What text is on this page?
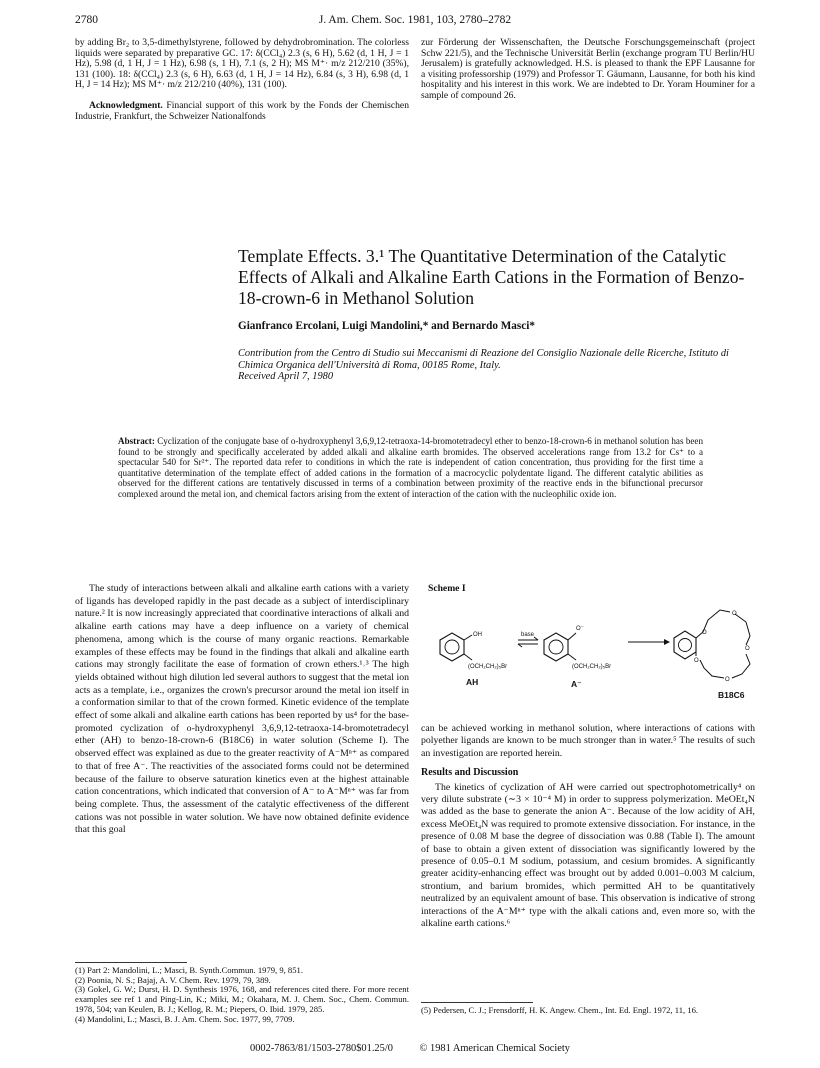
2780	J. Am. Chem. Soc. 1981, 103, 2780–2782

by adding Br₂ to 3,5-dimethylstyrene, followed by dehydrobromination. The colorless liquids were separated by preparative GC. 17: δ(CCl₄) 2.3 (s, 6 H), 5.62 (d, 1 H, J = 1 Hz), 5.98 (d, 1 H, J = 1 Hz), 6.98 (s, 1 H), 7.1 (s, 2 H); MS M⁺· m/z 212/210 (35%), 131 (100). 18: δ(CCl₄) 2.3 (s, 6 H), 6.63 (d, 1 H, J = 14 Hz), 6.84 (s, 3 H), 6.98 (d, 1 H, J = 14 Hz); MS M⁺· m/z 212/210 (40%), 131 (100).

Acknowledgment. Financial support of this work by the Fonds der Chemischen Industrie, Frankfurt, the Schweizer Nationalfonds

zur Förderung der Wissenschaften, the Deutsche Forschungsgemeinschaft (project Schw 221/5), and the Technische Universität Berlin (exchange program TU Berlin/HU Jerusalem) is gratefully acknowledged. H.S. is pleased to thank the EPF Lausanne for a visiting professorship (1979) and Professor T. Gäumann, Lausanne, for both his kind hospitality and his interest in this work. We are indebted to Dr. Yoram Houminer for a sample of compound 26.

Template Effects. 3.¹ The Quantitative Determination of the Catalytic Effects of Alkali and Alkaline Earth Cations in the Formation of Benzo-18-crown-6 in Methanol Solution
Gianfranco Ercolani, Luigi Mandolini,* and Bernardo Masci*
Contribution from the Centro di Studio sui Meccanismi di Reazione del Consiglio Nazionale delle Ricerche, Istituto di Chimica Organica dell'Università di Roma, 00185 Rome, Italy.
Received April 7, 1980
Abstract: Cyclization of the conjugate base of o-hydroxyphenyl 3,6,9,12-tetraoxa-14-bromotetradecyl ether to benzo-18-crown-6 in methanol solution has been found to be strongly and specifically accelerated by added alkali and alkaline earth bromides. The observed accelerations range from 13.2 for Cs⁺ to a spectacular 540 for Sr²⁺. The reported data refer to conditions in which the rate is independent of cation concentration, thus providing for the first time a quantitative determination of the template effect of added cations in the formation of a macrocyclic polydentate ligand. The different catalytic abilities as observed for the different cations are tentatively discussed in terms of a combination between proximity of the reactive ends in the bifunctional precursor complexed around the metal ion, and chemical factors arising from the extent of interaction of the cation with the nucleophilic oxide ion.

The study of interactions between alkali and alkaline earth cations with a variety of ligands has developed rapidly in the past decade as a subject of interdisciplinary nature.² It is now increasingly appreciated that coordinative interactions of alkali and alkaline earth cations may have a deep influence on a variety of chemical phenomena, among which is the course of many organic reactions. Remarkable examples of these effects may be found in the findings that alkali and alkaline earth cations may strongly facilitate the ease of formation of crown ethers.¹˒³ The high yields obtained without high dilution led several authors to suggest that the metal ion acts as a template, i.e., organizes the crown's precursor around the metal ion itself in a conformation similar to that of the crown formed. Kinetic evidence of the template effect of some alkali and alkaline earth cations has been reported by us⁴ for the base-promoted cyclization of o-hydroxyphenyl 3,6,9,12-tetraoxa-14-bromotetradecyl ether (AH) to benzo-18-crown-6 (B18C6) in water solution (Scheme I). The observed effect was explained as due to the greater reactivity of A⁻Mⁿ⁺ as compared to that of free A⁻. The reactivities of the associated forms could not be determined because of the failure to observe saturation kinetics even at the highest attainable cation concentrations, which indicated that conversion of A⁻ to A⁻Mⁿ⁺ was far from being complete. Thus, the assessment of the catalytic effectiveness of the different cations was not possible in water solution. We have now obtained definite evidence that this goal

Scheme I
OH
(OCH₂CH₂)₅Br
AH
base
O⁻
(OCH₂CH₂)₅Br
A⁻
O
O
O
O
O
B18C6

can be achieved working in methanol solution, where interactions of cations with polyether ligands are known to be much stronger than in water.⁵ The results of such an investigation are reported herein.

Results and Discussion

The kinetics of cyclization of AH were carried out spectrophotometrically⁴ on very dilute substrate (∼3 × 10⁻⁴ M) in order to suppress polymerization. MeOEt₄N was added as the base to generate the anion A⁻. Because of the low acidity of AH, excess MeOEt₄N was required to promote extensive dissociation. For instance, in the presence of 0.08 M base the degree of dissociation was 0.88 (Table I). The amount of base to obtain a given extent of dissociation was significantly lowered by the presence of 0.05–0.1 M sodium, potassium, and cesium bromides. A significantly greater acidity-enhancing effect was brought out by added 0.001–0.003 M calcium, strontium, and barium bromides, which permitted AH to be quantitatively neutralized by an equivalent amount of base. This observation is indicative of strong interactions of the A⁻Mⁿ⁺ type with the alkali cations and, even more so, with the alkaline earth cations.⁶

(1) Part 2: Mandolini, L.; Masci, B. Synth.Commun. 1979, 9, 851.

(2) Poonia, N. S.; Bajaj, A. V. Chem. Rev. 1979, 79, 389.

(3) Gokel, G. W.; Durst, H. D. Synthesis 1976, 168, and references cited there. For more recent examples see ref 1 and Ping-Lin, K.; Miki, M.; Okahara, M. J. Chem. Soc., Chem. Commun. 1978, 504; van Keulen, B. J.; Kellog, R. M.; Piepers, O. Ibid. 1979, 285.

(4) Mandolini, L.; Masci, B. J. Am. Chem. Soc. 1977, 99, 7709.

(5) Pedersen, C. J.; Frensdorff, H. K. Angew. Chem., Int. Ed. Engl. 1972, 11, 16.

0002-7863/81/1503-2780$01.25/0	© 1981 American Chemical Society
